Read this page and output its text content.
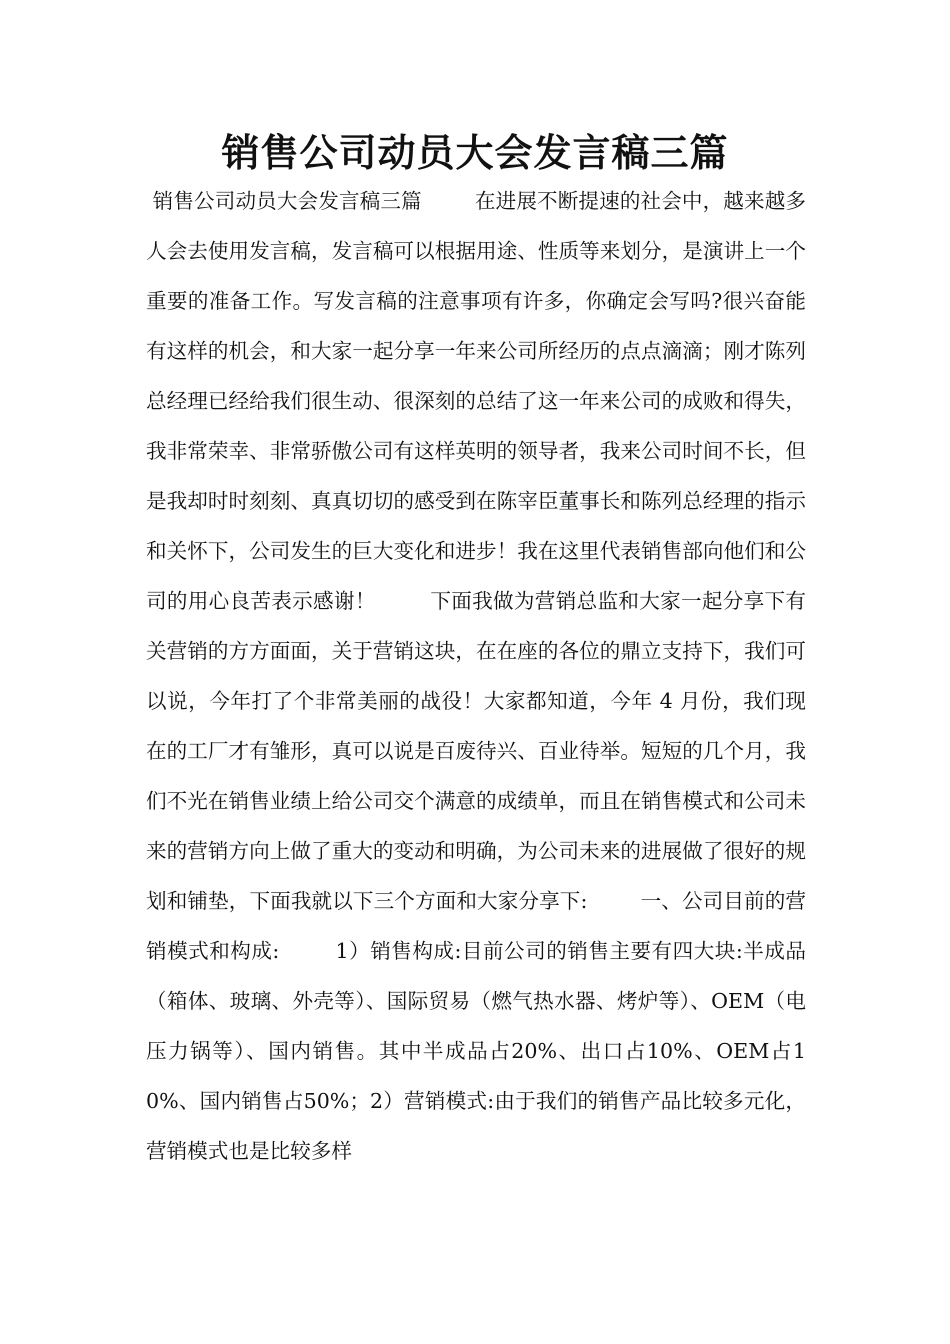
销售公司动员大会发言稿三篇

销售公司动员大会发言稿三篇        在进展不断提速的社会中，越来越多人会去使用发言稿，发言稿可以根据用途、性质等来划分，是演讲上一个重要的准备工作。写发言稿的注意事项有许多，你确定会写吗?很兴奋能有这样的机会，和大家一起分享一年来公司所经历的点点滴滴；刚才陈列总经理已经给我们很生动、很深刻的总结了这一年来公司的成败和得失，我非常荣幸、非常骄傲公司有这样英明的领导者，我来公司时间不长，但是我却时时刻刻、真真切切的感受到在陈宰臣董事长和陈列总经理的指示和关怀下，公司发生的巨大变化和进步！我在这里代表销售部向他们和公司的用心良苦表示感谢！        下面我做为营销总监和大家一起分享下有关营销的方方面面，关于营销这块，在在座的各位的鼎立支持下，我们可以说，今年打了个非常美丽的战役！大家都知道，今年 4 月份，我们现在的工厂才有雏形，真可以说是百废待兴、百业待举。短短的几个月，我们不光在销售业绩上给公司交个满意的成绩单，而且在销售模式和公司未来的营销方向上做了重大的变动和明确，为公司未来的进展做了很好的规划和铺垫，下面我就以下三个方面和大家分享下:        一、公司目前的营销模式和构成:        1）销售构成:目前公司的销售主要有四大块:半成品（箱体、玻璃、外壳等）、国际贸易（燃气热水器、烤炉等）、OEM（电压力锅等）、国内销售。其中半成品占20%、出口占10%、OEM占10%、国内销售占50%；2）营销模式:由于我们的销售产品比较多元化，营销模式也是比较多样
